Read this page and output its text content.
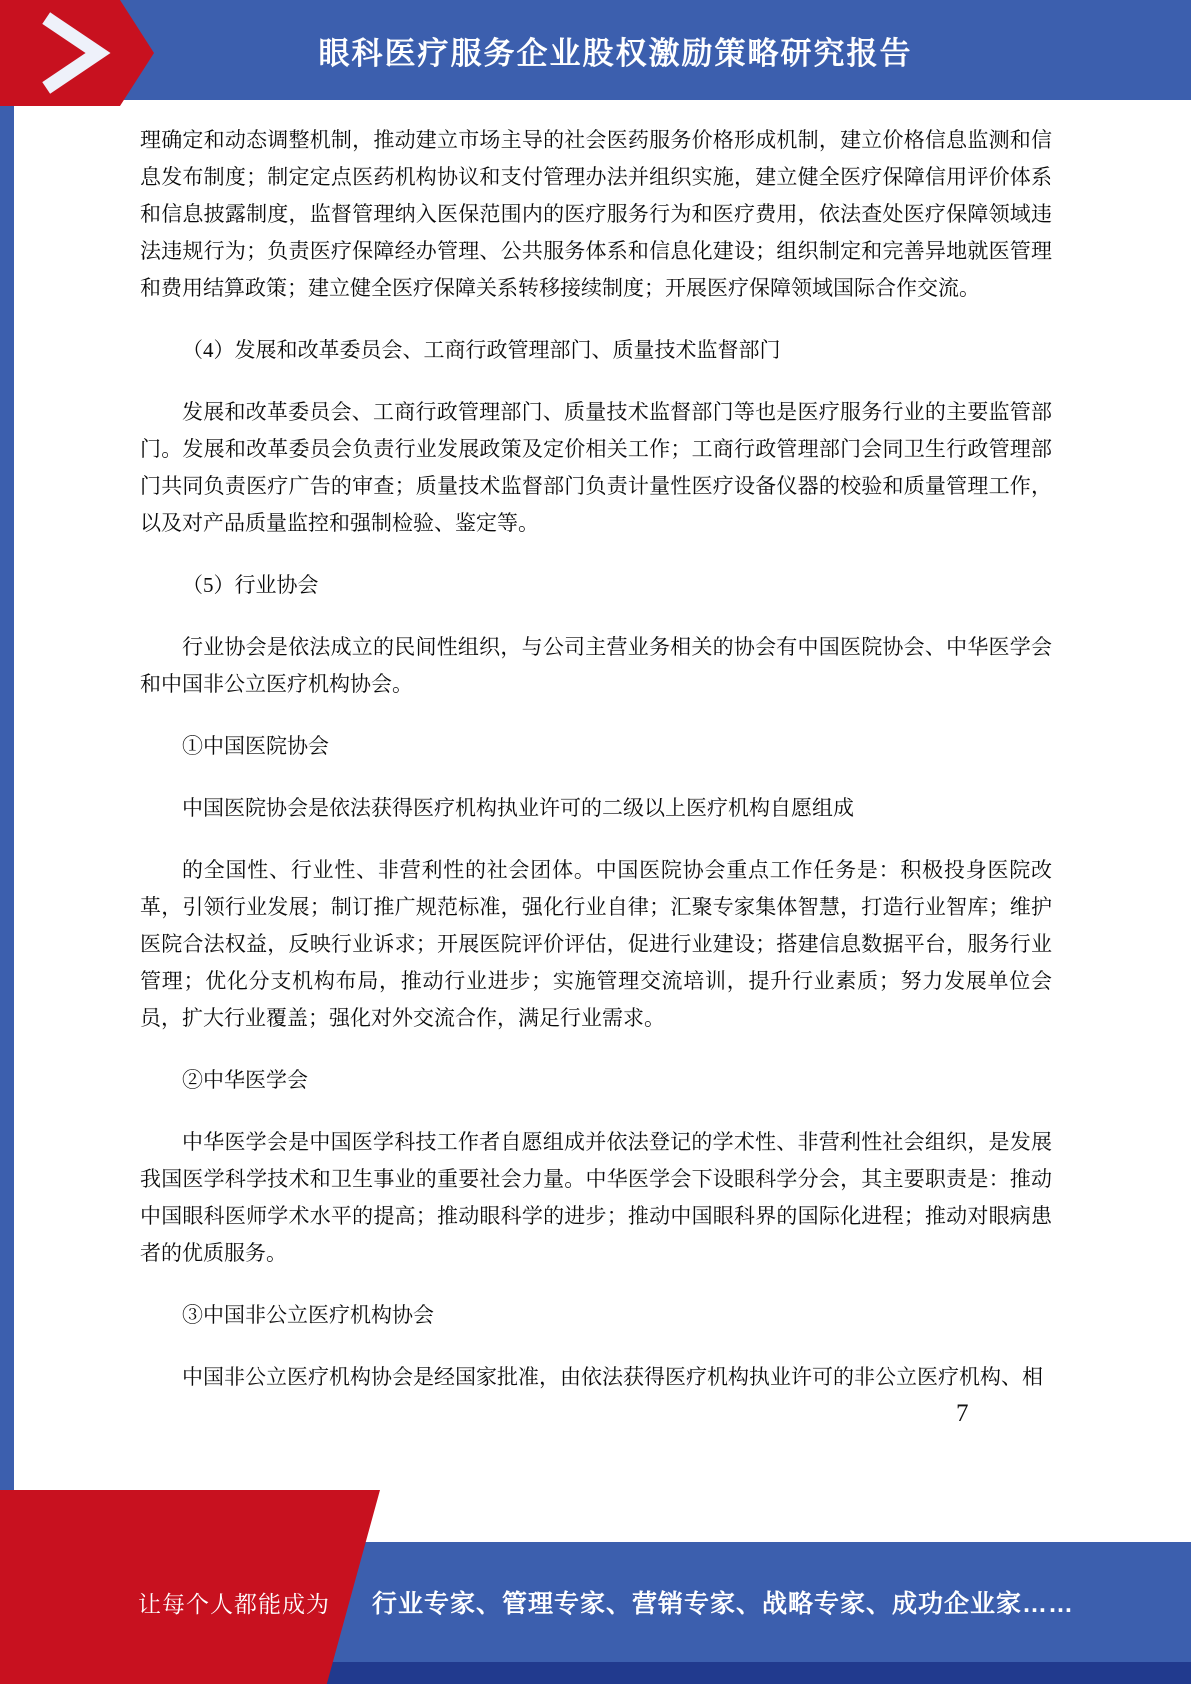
眼科医疗服务企业股权激励策略研究报告

理确定和动态调整机制，推动建立市场主导的社会医药服务价格形成机制，建立价格信息监测和信息发布制度；制定定点医药机构协议和支付管理办法并组织实施，建立健全医疗保障信用评价体系和信息披露制度，监督管理纳入医保范围内的医疗服务行为和医疗费用，依法查处医疗保障领域违法违规行为；负责医疗保障经办管理、公共服务体系和信息化建设；组织制定和完善异地就医管理和费用结算政策；建立健全医疗保障关系转移接续制度；开展医疗保障领域国际合作交流。

（4）发展和改革委员会、工商行政管理部门、质量技术监督部门

发展和改革委员会、工商行政管理部门、质量技术监督部门等也是医疗服务行业的主要监管部门。发展和改革委员会负责行业发展政策及定价相关工作；工商行政管理部门会同卫生行政管理部门共同负责医疗广告的审查；质量技术监督部门负责计量性医疗设备仪器的校验和质量管理工作，以及对产品质量监控和强制检验、鉴定等。

（5）行业协会

行业协会是依法成立的民间性组织，与公司主营业务相关的协会有中国医院协会、中华医学会和中国非公立医疗机构协会。

①中国医院协会

中国医院协会是依法获得医疗机构执业许可的二级以上医疗机构自愿组成

的全国性、行业性、非营利性的社会团体。中国医院协会重点工作任务是：积极投身医院改革，引领行业发展；制订推广规范标准，强化行业自律；汇聚专家集体智慧，打造行业智库；维护医院合法权益，反映行业诉求；开展医院评价评估，促进行业建设；搭建信息数据平台，服务行业管理；优化分支机构布局，推动行业进步；实施管理交流培训，提升行业素质；努力发展单位会员，扩大行业覆盖；强化对外交流合作，满足行业需求。

②中华医学会

中华医学会是中国医学科技工作者自愿组成并依法登记的学术性、非营利性社会组织，是发展我国医学科学技术和卫生事业的重要社会力量。中华医学会下设眼科学分会，其主要职责是：推动中国眼科医师学术水平的提高；推动眼科学的进步；推动中国眼科界的国际化进程；推动对眼病患者的优质服务。

③中国非公立医疗机构协会

中国非公立医疗机构协会是经国家批准，由依法获得医疗机构执业许可的非公立医疗机构、相

7
让每个人都能成为 行业专家、管理专家、营销专家、战略专家、成功企业家……
